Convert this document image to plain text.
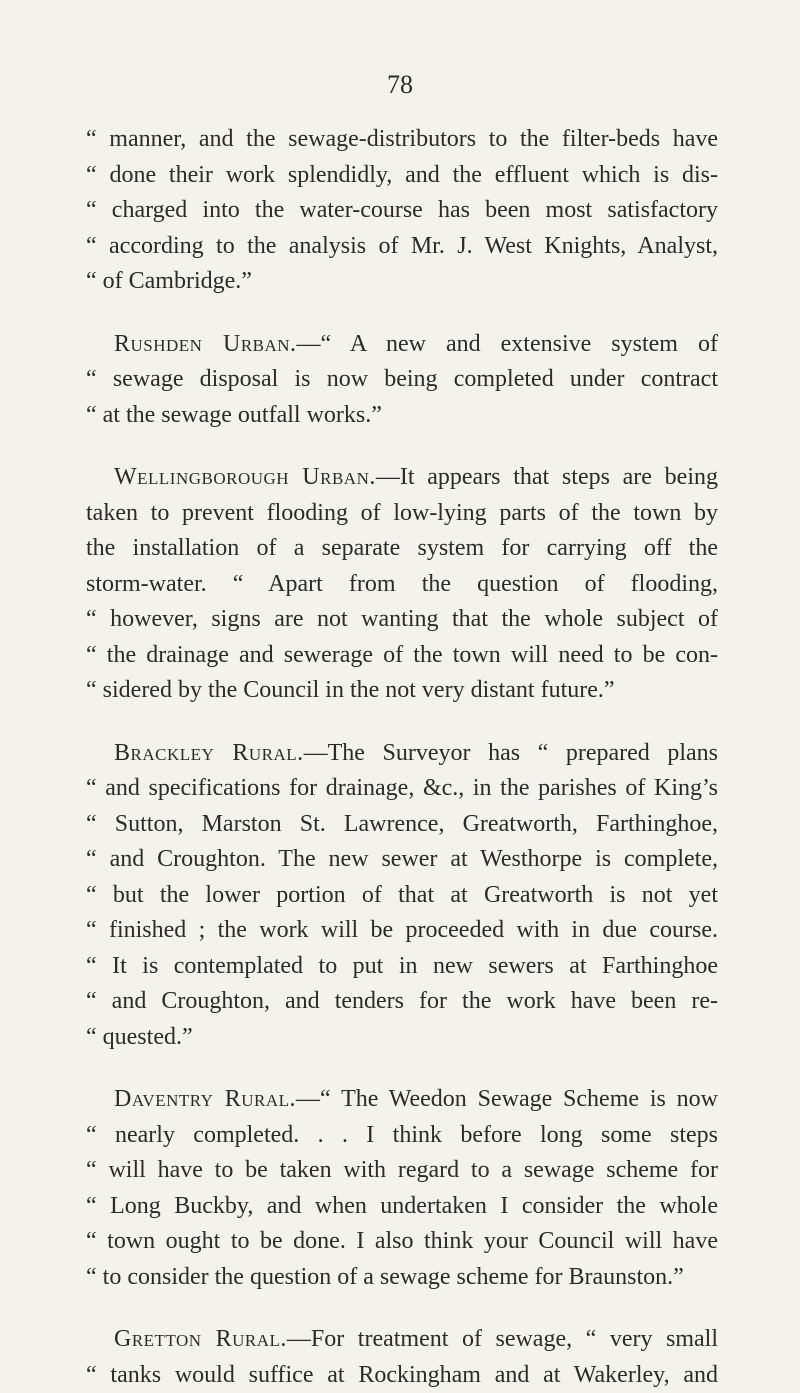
78
“ manner, and the sewage-distributors to the filter-beds have
“ done their work splendidly, and the effluent which is dis-
“ charged into the water-course has been most satisfactory
“ according to the analysis of Mr. J. West Knights, Analyst,
“ of Cambridge.”
Rushden Urban.—“ A new and extensive system of
“ sewage disposal is now being completed under contract
“ at the sewage outfall works.”
Wellingborough Urban.—It appears that steps are being
taken to prevent flooding of low-lying parts of the town by
the installation of a separate system for carrying off the
storm-water. “ Apart from the question of flooding,
“ however, signs are not wanting that the whole subject of
“ the drainage and sewerage of the town will need to be con-
“ sidered by the Council in the not very distant future.”
Brackley Rural.—The Surveyor has “ prepared plans
“ and specifications for drainage, &c., in the parishes of King’s
“ Sutton, Marston St. Lawrence, Greatworth, Farthinghoe,
“ and Croughton. The new sewer at Westhorpe is complete,
“ but the lower portion of that at Greatworth is not yet
“ finished ; the work will be proceeded with in due course.
“ It is contemplated to put in new sewers at Farthinghoe
“ and Croughton, and tenders for the work have been re-
“ quested.”
Daventry Rural.—“ The Weedon Sewage Scheme is now
“ nearly completed. . . I think before long some steps
“ will have to be taken with regard to a sewage scheme for
“ Long Buckby, and when undertaken I consider the whole
“ town ought to be done. I also think your Council will have
“ to consider the question of a sewage scheme for Braunston.”
Gretton Rural.—For treatment of sewage, “ very small
“ tanks would suffice at Rockingham and at Wakerley, and
